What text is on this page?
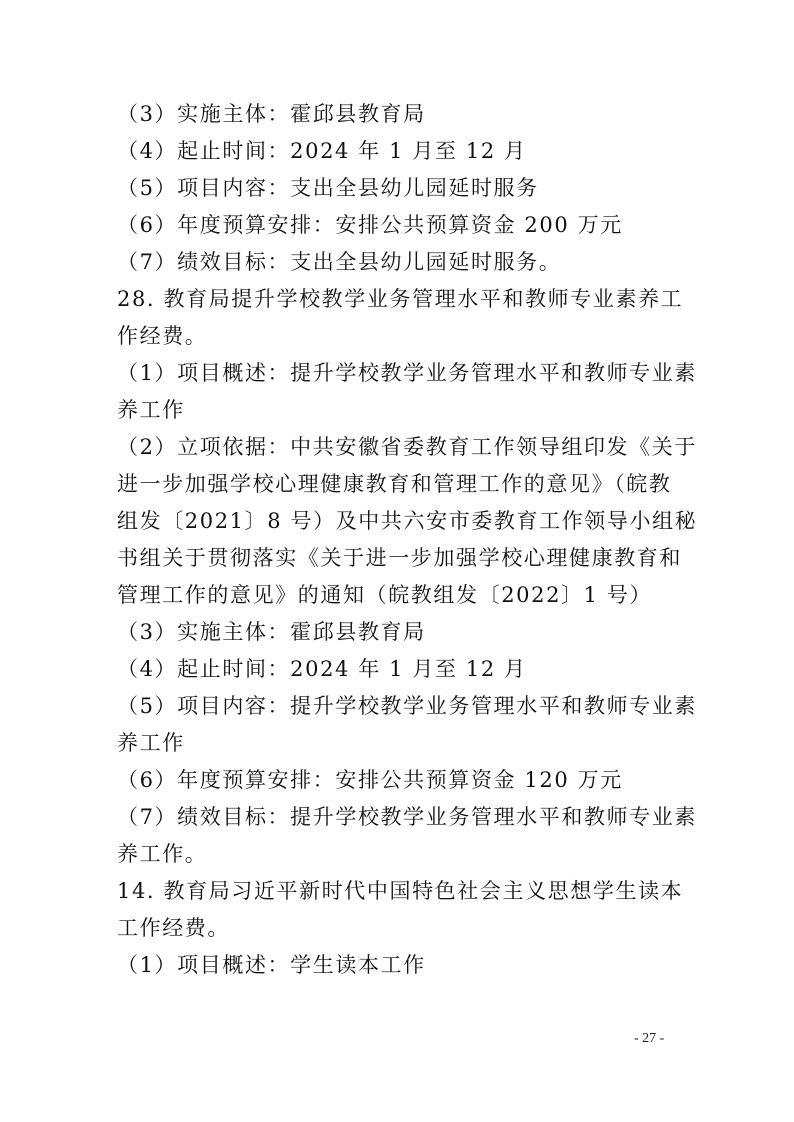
（3）实施主体：霍邱县教育局
（4）起止时间：2024 年 1 月至 12 月
（5）项目内容：支出全县幼儿园延时服务
（6）年度预算安排：安排公共预算资金 200 万元
（7）绩效目标：支出全县幼儿园延时服务。
28. 教育局提升学校教学业务管理水平和教师专业素养工
作经费。
（1）项目概述：提升学校教学业务管理水平和教师专业素
养工作
（2）立项依据：中共安徽省委教育工作领导组印发《关于
进一步加强学校心理健康教育和管理工作的意见》（皖教
组发〔2021〕8 号）及中共六安市委教育工作领导小组秘
书组关于贯彻落实《关于进一步加强学校心理健康教育和
管理工作的意见》的通知（皖教组发〔2022〕1 号）
（3）实施主体：霍邱县教育局
（4）起止时间：2024 年 1 月至 12 月
（5）项目内容：提升学校教学业务管理水平和教师专业素
养工作
（6）年度预算安排：安排公共预算资金 120 万元
（7）绩效目标：提升学校教学业务管理水平和教师专业素
养工作。
14. 教育局习近平新时代中国特色社会主义思想学生读本
工作经费。
（1）项目概述：学生读本工作
- 27 -
